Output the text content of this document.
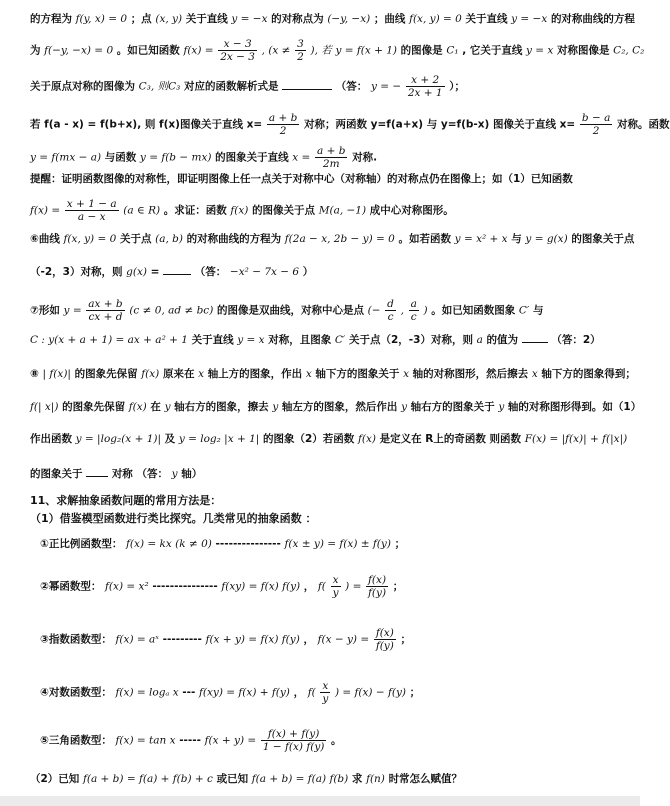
的方程为 f(y, x) = 0 ；点 (x, y) 关于直线 y = −x 的对称点为 (−y, −x) ；曲线 f(x, y) = 0 关于直线 y = −x 的对称曲线的方程
为 f(−y, −x) = 0 。如已知函数 $f(x) = \frac{x - 3}{2x - 3}$ , ($x \ne \frac{3}{2}$ ), 若 y = f(x + 1) 的图像是 C₁ , 它关于直线 y = x 对称图像是 C₂, C₂
关于原点对称的图像为 C₃, 则C₃ 对应的函数解析式是	（答： y = − $\frac{x + 2}{2x + 1}$ ）；
若 f(a - x) = f(b+x), 则 f(x)图像关于直线 $x= \frac{a + b}{2}$ 对称；两函数 y=f(a+x) 与 y=f(b-x) 图像关于直线 $x= \frac{b - a}{2}$ 对称。函数
y = f(mx − a) 与函数 y = f(b − mx) 的图象关于直线 $x = \frac{a + b}{2m}$ 对称.
提醒：证明函数图像的对称性，即证明图像上任一点关于对称中心（对称轴）的对称点仍在图像上；如（1）已知函数
$f(x) = \frac{x + 1 - a}{a - x} (a$ ∈ R) 。求证：函数 f(x) 的图像关于点 M(a, −1) 成中心对称图形。
⑥曲线 f(x, y) = 0 关于点 (a, b) 的对称曲线的方程为 f(2a − x, 2b − y) = 0 。如若函数 y = x² + x 与 y = g(x) 的图象关于点
（-2，3）对称，则 g(x) =	（答： −x² − 7x − 6 ）
⑦形如 $y = \frac{ax + b}{cx + d} (c \ne 0$, ad ≠ bc) 的图像是双曲线，对称中心是点 (− $\frac{d}{c}$ , $\frac{a}{c}$ ) 。如已知函数图象 C′ 与
C : y(x + a + 1) = ax + a² + 1 关于直线 y = x 对称，且图象 C′ 关于点（2，-3）对称，则 a 的值为	（答：2）
⑧ | f(x)| 的图象先保留 f(x) 原来在 x 轴上方的图象，作出 x 轴下方的图象关于 x 轴的对称图形，然后擦去 x 轴下方的图象得到；
f(| x|) 的图象先保留 f(x) 在 y 轴右方的图象，擦去 y 轴左方的图象，然后作出 y 轴右方的图象关于 y 轴的对称图形得到。如（1）
作出函数 y = |log₂(x + 1)| 及 y = log₂ |x + 1| 的图象（2）若函数 f(x) 是定义在 R上的奇函数 则函数 F(x) = |f(x)| + f(|x|)
的图象关于	对称 （答： y 轴）
11、求解抽象函数问题的常用方法是：
（1）借鉴模型函数进行类比探究。几类常见的抽象函数 ：
①正比例函数型： f(x) = kx (k ≠ 0) --------------- f(x ± y) = f(x) ± f(y) ；
②幂函数型： f(x) = x² --------------- f(xy) = f(x) f(y) ， $f( \frac{x}{y}$ ) = $\frac{f(x)}{f(y)}$ ；
③指数函数型： f(x) = aˣ --------- f(x + y) = f(x) f(y) ， $f(x - y) = \frac{f(x)}{f(y)}$ ；
④对数函数型： f(x) = logₐ x --- f(xy) = f(x) + f(y) ， $f( \frac{x}{y}$ ) = f(x) − f(y) ；
⑤三角函数型： f(x) = tan x ----- $f(x + y) = \frac{f(x) + f(y)}{1 - f(x) f(y)}$ 。
（2）已知 f(a + b) = f(a) + f(b) + c 或已知 f(a + b) = f(a) f(b) 求 f(n) 时常怎么赋值？
